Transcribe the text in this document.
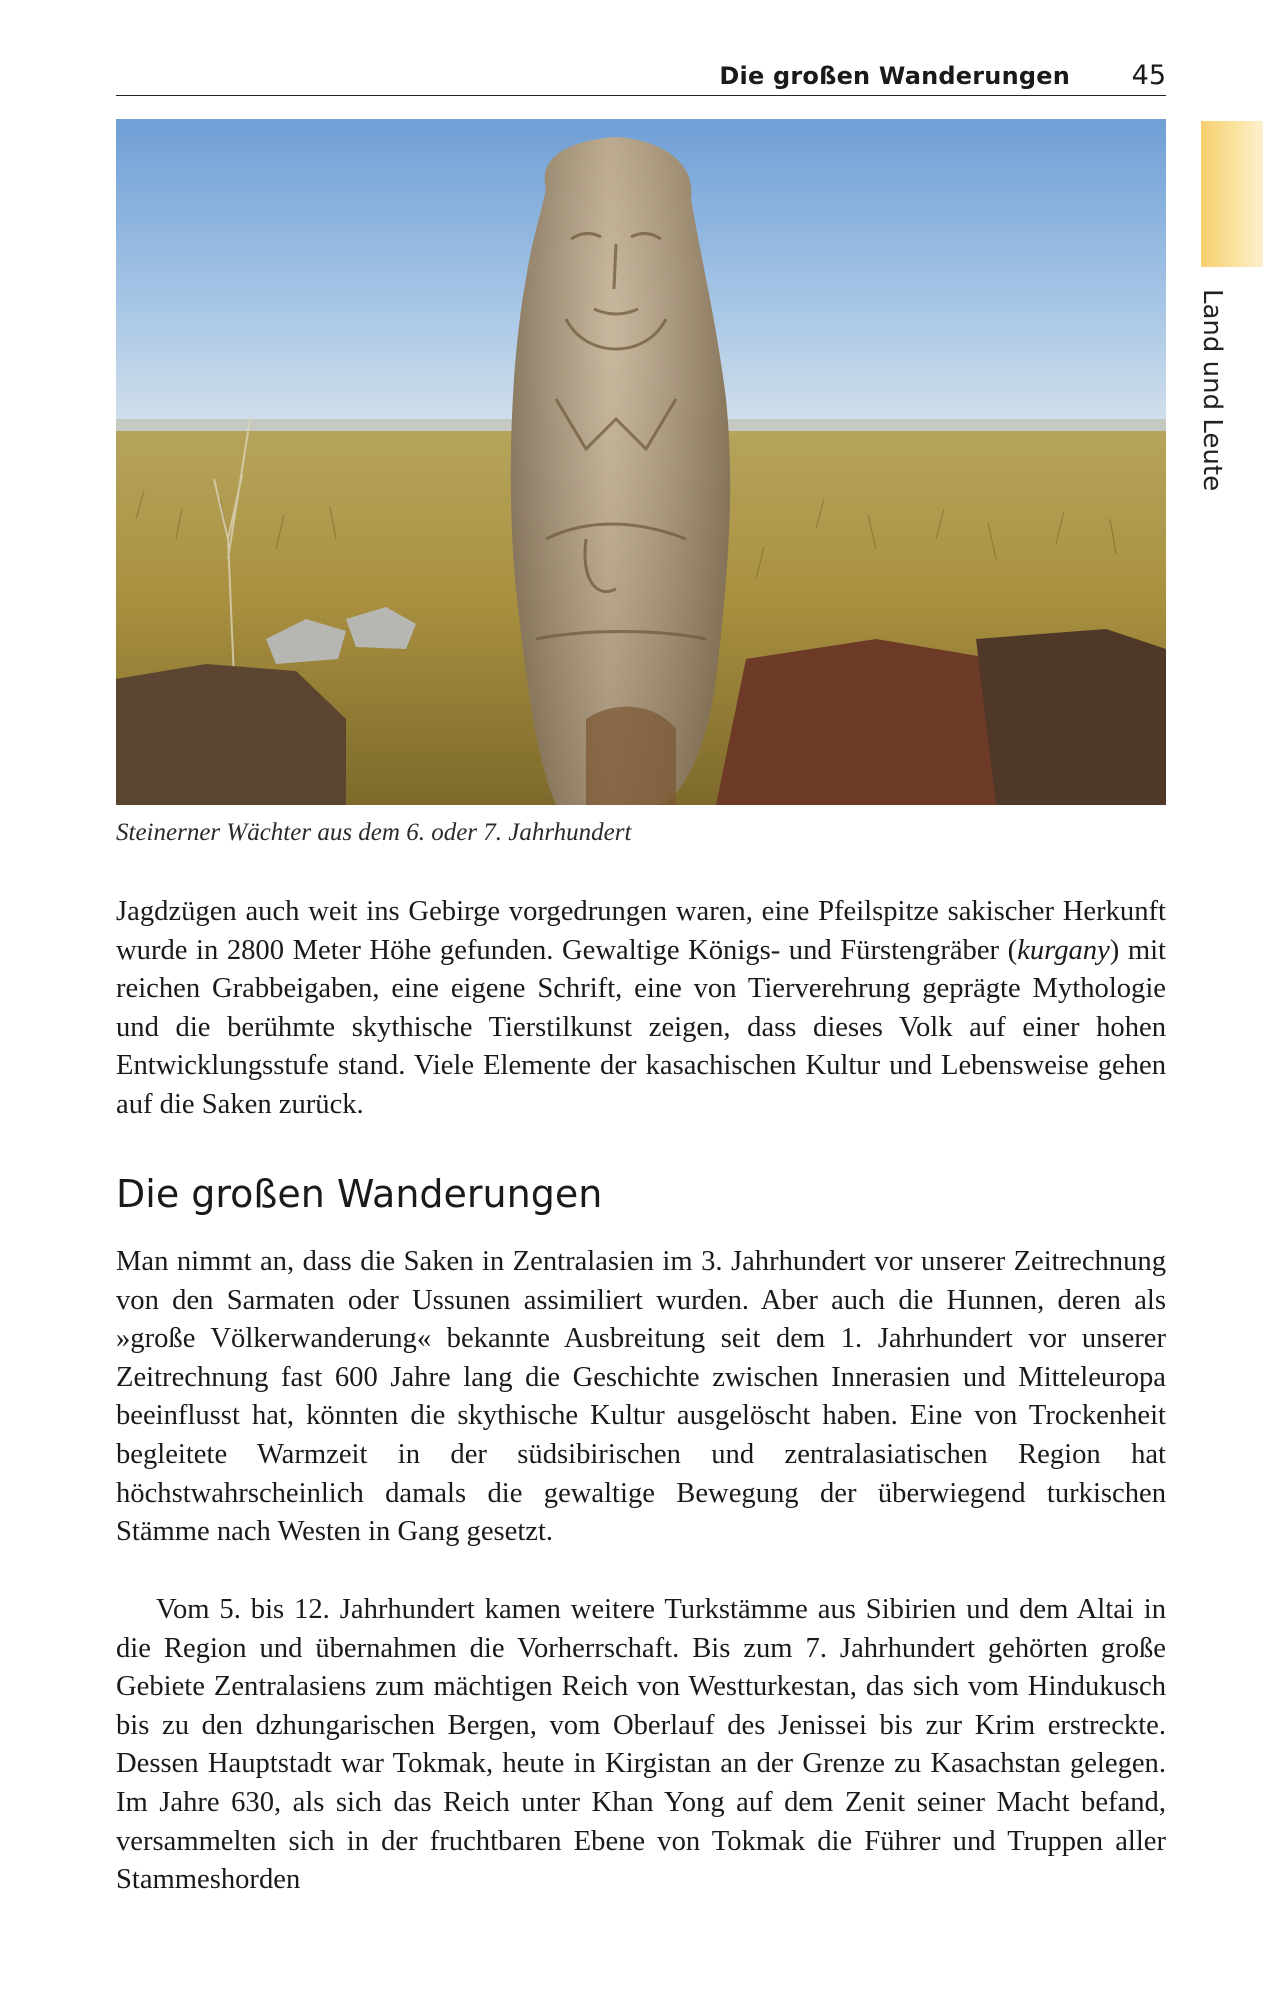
Die großen Wanderungen 45
Land und Leute
Steinerner Wächter aus dem 6. oder 7. Jahrhundert

Jagdzügen auch weit ins Gebirge vorgedrungen waren, eine Pfeilspitze sakischer Herkunft wurde in 2800 Meter Höhe gefunden. Gewaltige Königs- und Fürstengräber (kurgany) mit reichen Grabbeigaben, eine eigene Schrift, eine von Tierverehrung geprägte Mythologie und die berühmte skythische Tierstilkunst zeigen, dass dieses Volk auf einer hohen Entwicklungsstufe stand. Viele Elemente der kasachischen Kultur und Lebensweise gehen auf die Saken zurück.

Die großen Wanderungen

Man nimmt an, dass die Saken in Zentralasien im 3. Jahrhundert vor unserer Zeitrechnung von den Sarmaten oder Ussunen assimiliert wurden. Aber auch die Hunnen, deren als »große Völkerwanderung« bekannte Ausbreitung seit dem 1. Jahrhundert vor unserer Zeitrechnung fast 600 Jahre lang die Geschichte zwischen Innerasien und Mitteleuropa beeinflusst hat, könnten die skythische Kultur ausgelöscht haben. Eine von Trockenheit begleitete Warmzeit in der südsibirischen und zentralasiatischen Region hat höchstwahrscheinlich damals die gewaltige Bewegung der überwiegend turkischen Stämme nach Westen in Gang gesetzt.

Vom 5. bis 12. Jahrhundert kamen weitere Turkstämme aus Sibirien und dem Altai in die Region und übernahmen die Vorherrschaft. Bis zum 7. Jahrhundert gehörten große Gebiete Zentralasiens zum mächtigen Reich von Westturkestan, das sich vom Hindukusch bis zu den dzhungarischen Bergen, vom Oberlauf des Jenissei bis zur Krim erstreckte. Dessen Hauptstadt war Tokmak, heute in Kirgistan an der Grenze zu Kasachstan gelegen. Im Jahre 630, als sich das Reich unter Khan Yong auf dem Zenit seiner Macht befand, versammelten sich in der fruchtbaren Ebene von Tokmak die Führer und Truppen aller Stammeshorden
